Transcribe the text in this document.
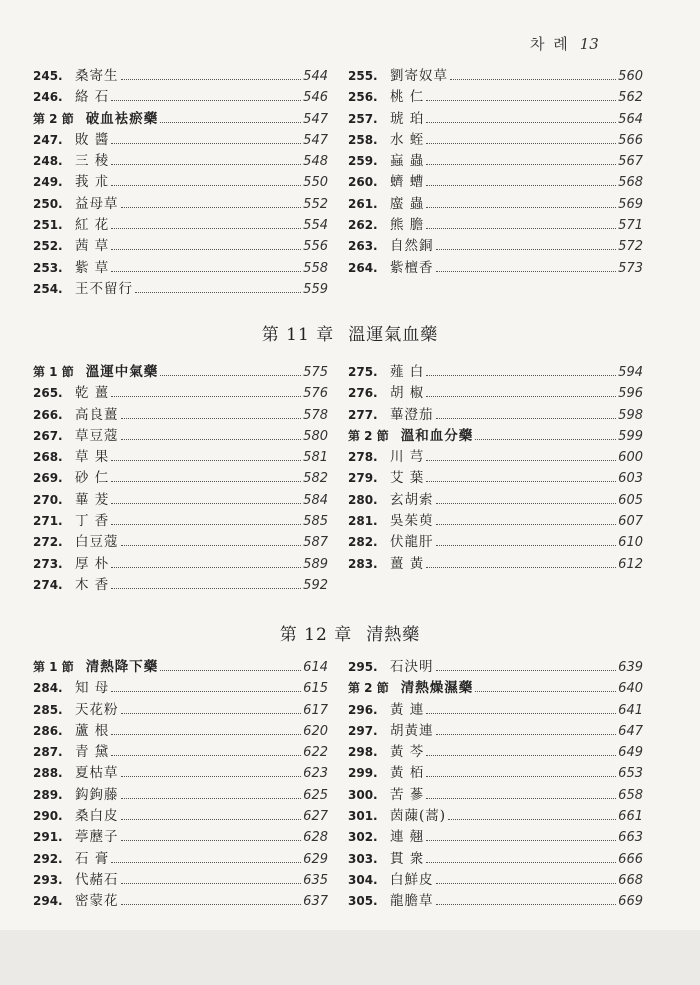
차 례 13
245. 桑寄生	544
246. 絡 石	546
第 2 節 破血袪瘀藥	547
247. 敗 醬	547
248. 三 稜	548
249. 莪 朮	550
250. 益母草	552
251. 紅 花	554
252. 茜 草	556
253. 紫 草	558
254. 王不留行	559
255. 劉寄奴草	560
256. 桃 仁	562
257. 琥 珀	564
258. 水 蛭	566
259. 蝱 蟲	567
260. 蠐 螬	568
261. 䗪 蟲	569
262. 熊 膽	571
263. 自然銅	572
264. 紫檀香	573
第 11 章 溫運氣血藥
第 1 節 溫運中氣藥	575
265. 乾 薑	576
266. 高良薑	578
267. 草豆蔻	580
268. 草 果	581
269. 砂 仁	582
270. 蓽 茇	584
271. 丁 香	585
272. 白豆蔻	587
273. 厚 朴	589
274. 木 香	592
275. 薤 白	594
276. 胡 椒	596
277. 蓽澄茄	598
第 2 節 溫和血分藥	599
278. 川 芎	600
279. 艾 葉	603
280. 玄胡索	605
281. 吳茱萸	607
282. 伏龍肝	610
283. 薑 黃	612
第 12 章 清熱藥
第 1 節 清熱降下藥	614
284. 知 母	615
285. 天花粉	617
286. 蘆 根	620
287. 青 黛	622
288. 夏枯草	623
289. 鈎鉤藤	625
290. 桑白皮	627
291. 葶藶子	628
292. 石 膏	629
293. 代赭石	635
294. 密蒙花	637
295. 石決明	639
第 2 節 清熱燥濕藥	640
296. 黃 連	641
297. 胡黃連	647
298. 黃 芩	649
299. 黃 栢	653
300. 苦 蔘	658
301. 茵蔯(蒿)	661
302. 連 翹	663
303. 貫 衆	666
304. 白鮮皮	668
305. 龍膽草	669
